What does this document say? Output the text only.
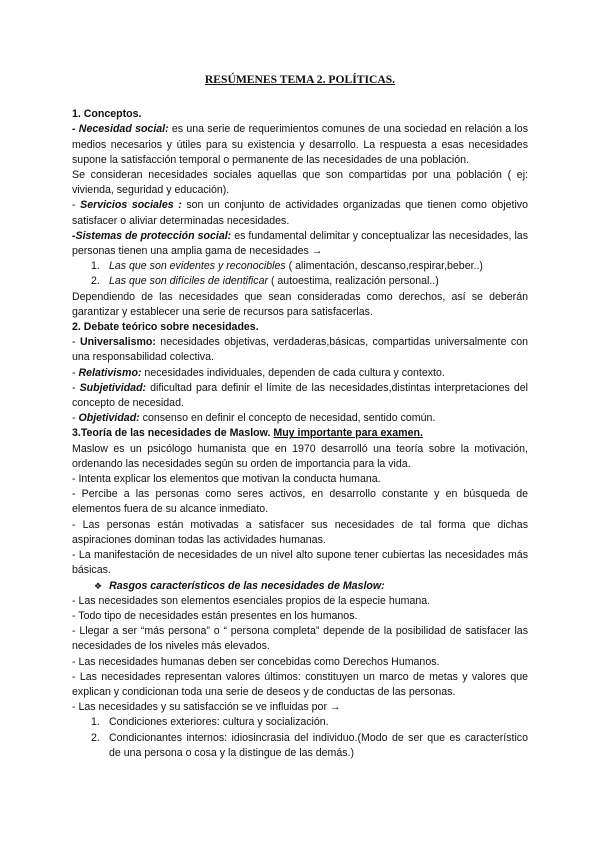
RESÚMENES TEMA 2. POLÍTICAS.

1. Conceptos.

- Necesidad social: es una serie de requerimientos comunes de una sociedad en relación a los medios necesarios y útiles para su existencia y desarrollo. La respuesta a esas necesidades supone la satisfacción temporal o permanente de las necesidades de una población.

Se consideran necesidades sociales aquellas que son compartidas por una población ( ej: vivienda, seguridad y educación).

- Servicios sociales : son un conjunto de actividades organizadas que tienen como objetivo satisfacer o aliviar determinadas necesidades.

-Sistemas de protección social: es fundamental delimitar y conceptualizar las necesidades, las personas tienen una amplia gama de necesidades →

1. Las que son evidentes y reconocibles ( alimentación, descanso,respirar,beber..)
2. Las que son difíciles de identificar ( autoestima, realización personal..)

Dependiendo de las necesidades que sean consideradas como derechos, así se deberán garantizar y establecer una serie de recursos para satisfacerlas.

2. Debate teórico sobre necesidades.

- Universalismo: necesidades objetivas, verdaderas,básicas, compartidas universalmente con una responsabilidad colectiva.

- Relativismo: necesidades individuales, dependen de cada cultura y contexto.

- Subjetividad: dificultad para definir el límite de las necesidades,distintas interpretaciones del concepto de necesidad.

- Objetividad: consenso en definir el concepto de necesidad, sentido común.

3.Teoría de las necesidades de Maslow. Muy importante para examen.

Maslow es un psicólogo humanista que en 1970 desarrolló una teoría sobre la motivación, ordenando las necesidades según su orden de importancia para la vida.

- Intenta explicar los elementos que motivan la conducta humana.

- Percibe a las personas como seres activos, en desarrollo constante y en búsqueda de elementos fuera de su alcance inmediato.

- Las personas están motivadas a satisfacer sus necesidades de tal forma que dichas aspiraciones dominan todas las actividades humanas.

- La manifestación de necesidades de un nivel alto supone tener cubiertas las necesidades más básicas.

❖ Rasgos característicos de las necesidades de Maslow:

- Las necesidades son elementos esenciales propios de la especie humana.

- Todo tipo de necesidades están presentes en los humanos.

- Llegar a ser “más persona” o “ persona completa” depende de la posibilidad de satisfacer las necesidades de los niveles más elevados.

- Las necesidades humanas deben ser concebidas como Derechos Humanos.

- Las necesidades representan valores últimos: constituyen un marco de metas y valores que explican y condicionan toda una serie de deseos y de conductas de las personas.

- Las necesidades y su satisfacción se ve influidas por →

1. Condiciones exteriores: cultura y socialización.
2. Condicionantes internos: idiosincrasia del individuo.(Modo de ser que es característico de una persona o cosa y la distingue de las demás.)
